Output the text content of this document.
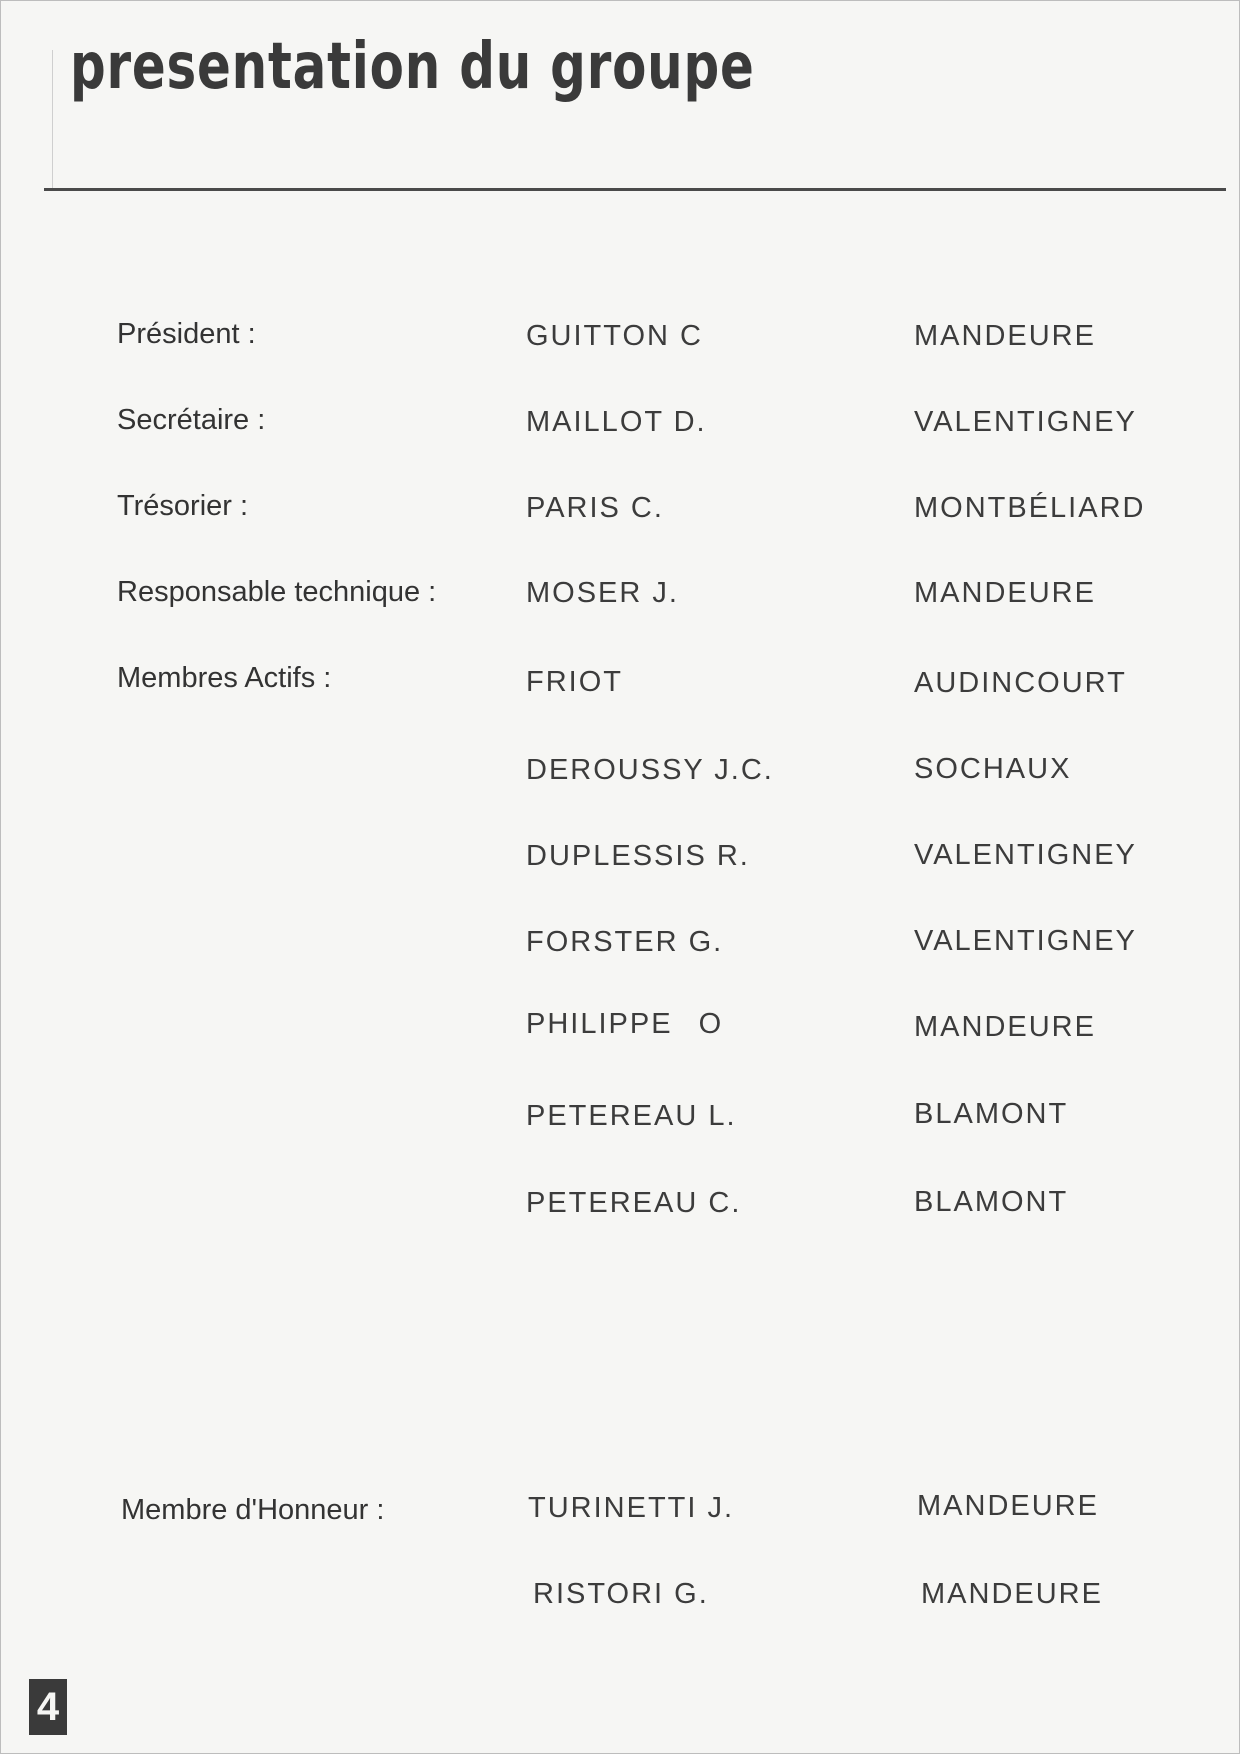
presentation du groupe
Président :	GUITTON C	MANDEURE
Secrétaire :	MAILLOT D.	VALENTIGNEY
Trésorier :	PARIS C.	MONTBÉLIARD
Responsable technique :	MOSER J.	MANDEURE
Membres Actifs :	FRIOT	AUDINCOURT
DEROUSSY J.C.	SOCHAUX
DUPLESSIS R.	VALENTIGNEY
FORSTER G.	VALENTIGNEY
PHILIPPE O	MANDEURE
PETEREAU L.	BLAMONT
PETEREAU C.	BLAMONT
Membre d'Honneur :	TURINETTI J.	MANDEURE
RISTORI G.	MANDEURE
4
